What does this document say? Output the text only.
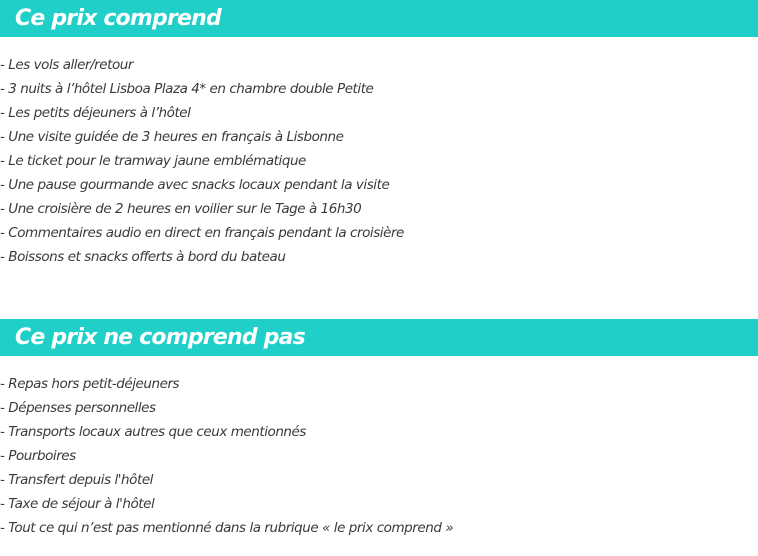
Ce prix comprend
- Les vols aller/retour
- 3 nuits à l’hôtel Lisboa Plaza 4* en chambre double Petite
- Les petits déjeuners à l’hôtel
- Une visite guidée de 3 heures en français à Lisbonne
- Le ticket pour le tramway jaune emblématique
- Une pause gourmande avec snacks locaux pendant la visite
- Une croisière de 2 heures en voilier sur le Tage à 16h30
- Commentaires audio en direct en français pendant la croisière
- Boissons et snacks offerts à bord du bateau
Ce prix ne comprend pas
- Repas hors petit-déjeuners
- Dépenses personnelles
- Transports locaux autres que ceux mentionnés
- Pourboires
- Transfert depuis l'hôtel
- Taxe de séjour à l'hôtel
- Tout ce qui n’est pas mentionné dans la rubrique « le prix comprend »
